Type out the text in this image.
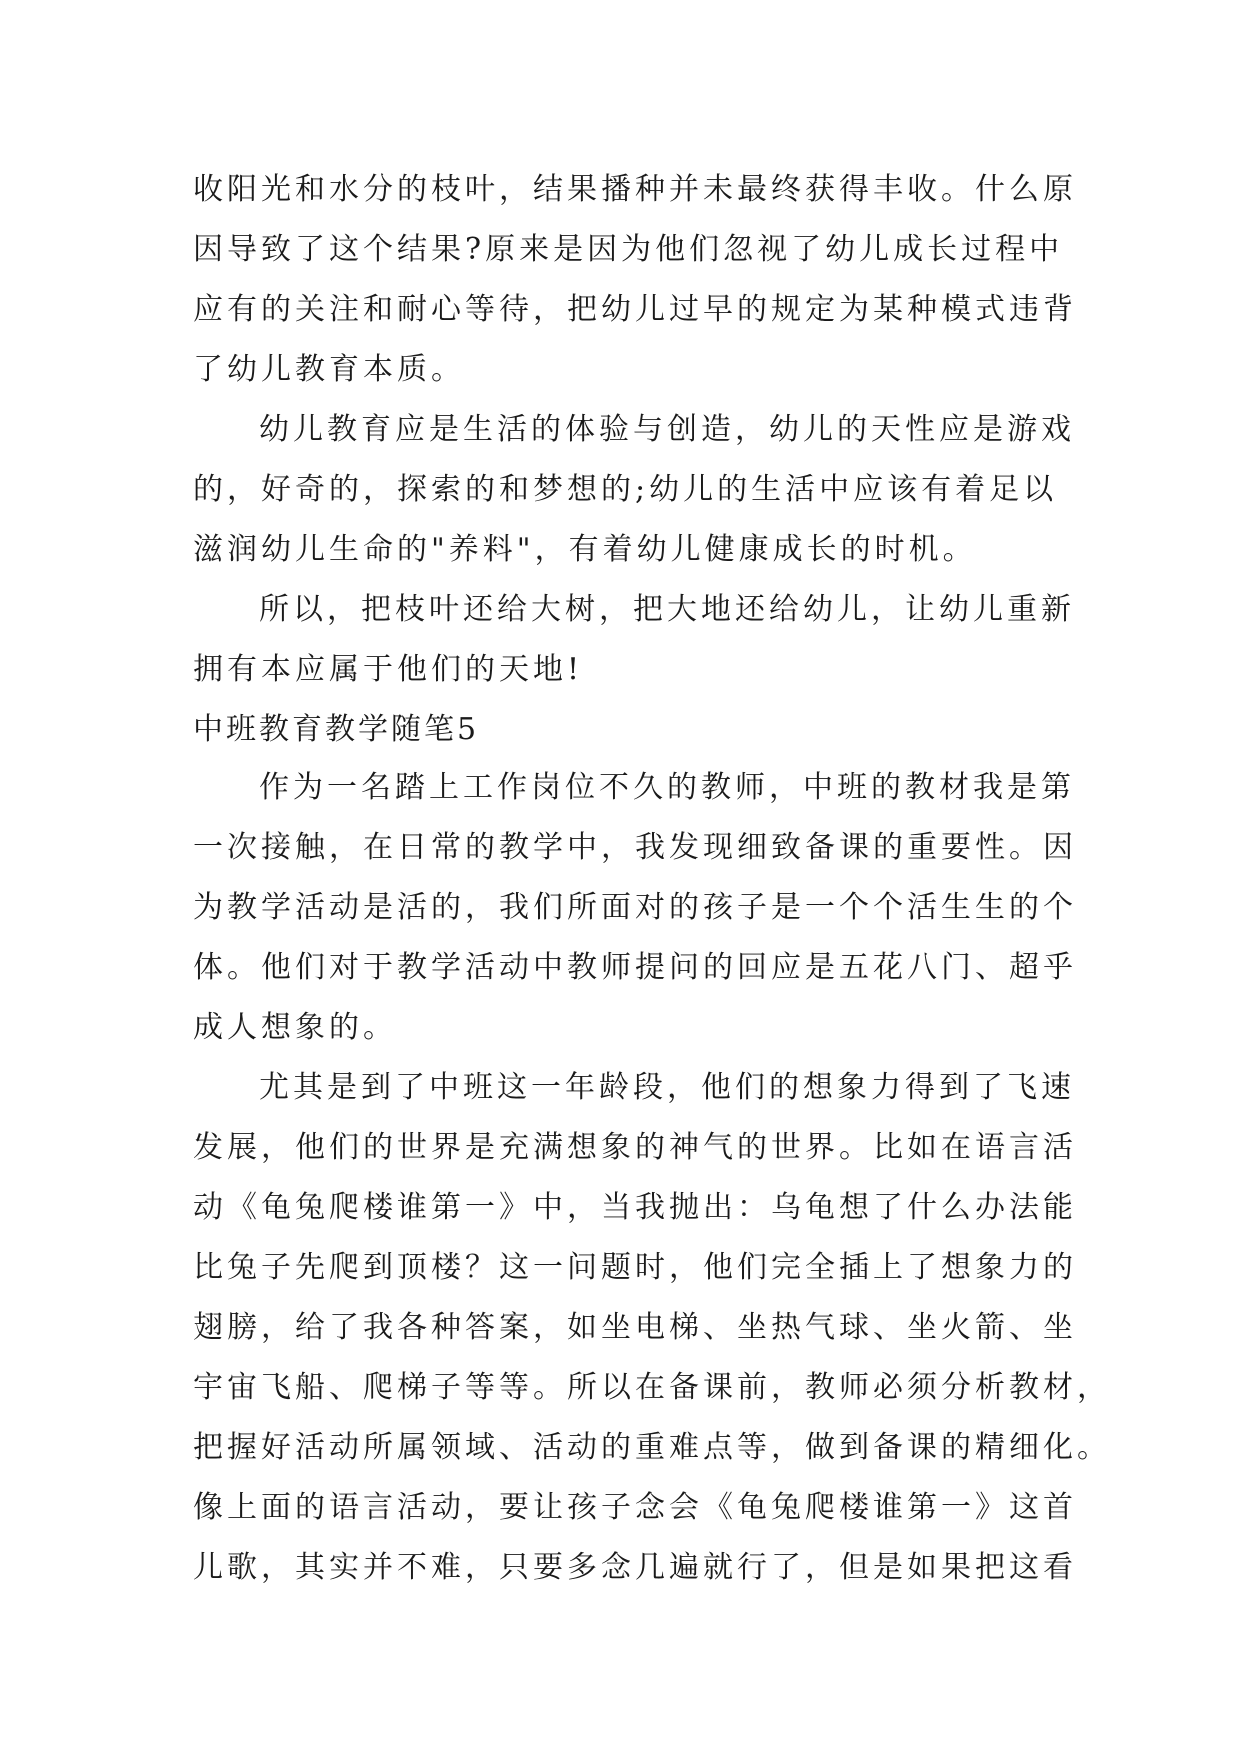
收阳光和水分的枝叶，结果播种并未最终获得丰收。什么原
因导致了这个结果?原来是因为他们忽视了幼儿成长过程中
应有的关注和耐心等待，把幼儿过早的规定为某种模式违背
了幼儿教育本质。
幼儿教育应是生活的体验与创造，幼儿的天性应是游戏
的，好奇的，探索的和梦想的;幼儿的生活中应该有着足以
滋润幼儿生命的"养料"，有着幼儿健康成长的时机。
所以，把枝叶还给大树，把大地还给幼儿，让幼儿重新
拥有本应属于他们的天地!
中班教育教学随笔5
作为一名踏上工作岗位不久的教师，中班的教材我是第
一次接触，在日常的教学中，我发现细致备课的重要性。因
为教学活动是活的，我们所面对的孩子是一个个活生生的个
体。他们对于教学活动中教师提问的回应是五花八门、超乎
成人想象的。
尤其是到了中班这一年龄段，他们的想象力得到了飞速
发展，他们的世界是充满想象的神气的世界。比如在语言活
动《龟兔爬楼谁第一》中，当我抛出：乌龟想了什么办法能
比兔子先爬到顶楼？这一问题时，他们完全插上了想象力的
翅膀，给了我各种答案，如坐电梯、坐热气球、坐火箭、坐
宇宙飞船、爬梯子等等。所以在备课前，教师必须分析教材，
把握好活动所属领域、活动的重难点等，做到备课的精细化。
像上面的语言活动，要让孩子念会《龟兔爬楼谁第一》这首
儿歌，其实并不难，只要多念几遍就行了，但是如果把这看
